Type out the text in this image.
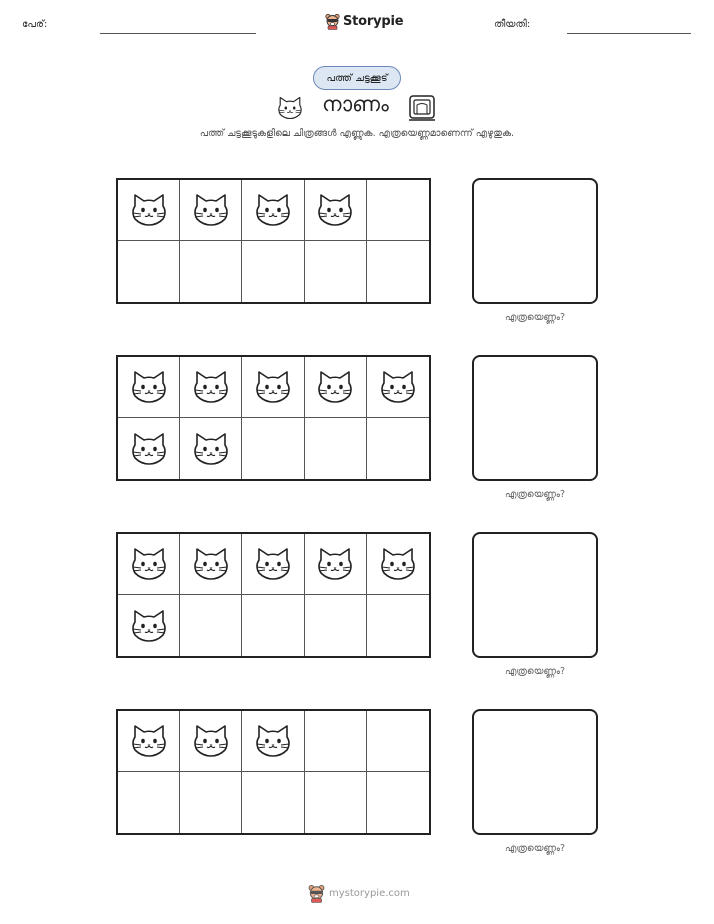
പേര്:	Storypie	തീയതി:
പത്ത് ചട്ടക്കൂട്
നാണം
പത്ത് ചട്ടക്കൂടുകളിലെ ചിത്രങ്ങൾ എണ്ണുക. എത്രയെണ്ണമാണെന്ന് എഴുതുക.
എത്രയെണ്ണം?
എത്രയെണ്ണം?
എത്രയെണ്ണം?
എത്രയെണ്ണം?
mystorypie.com
